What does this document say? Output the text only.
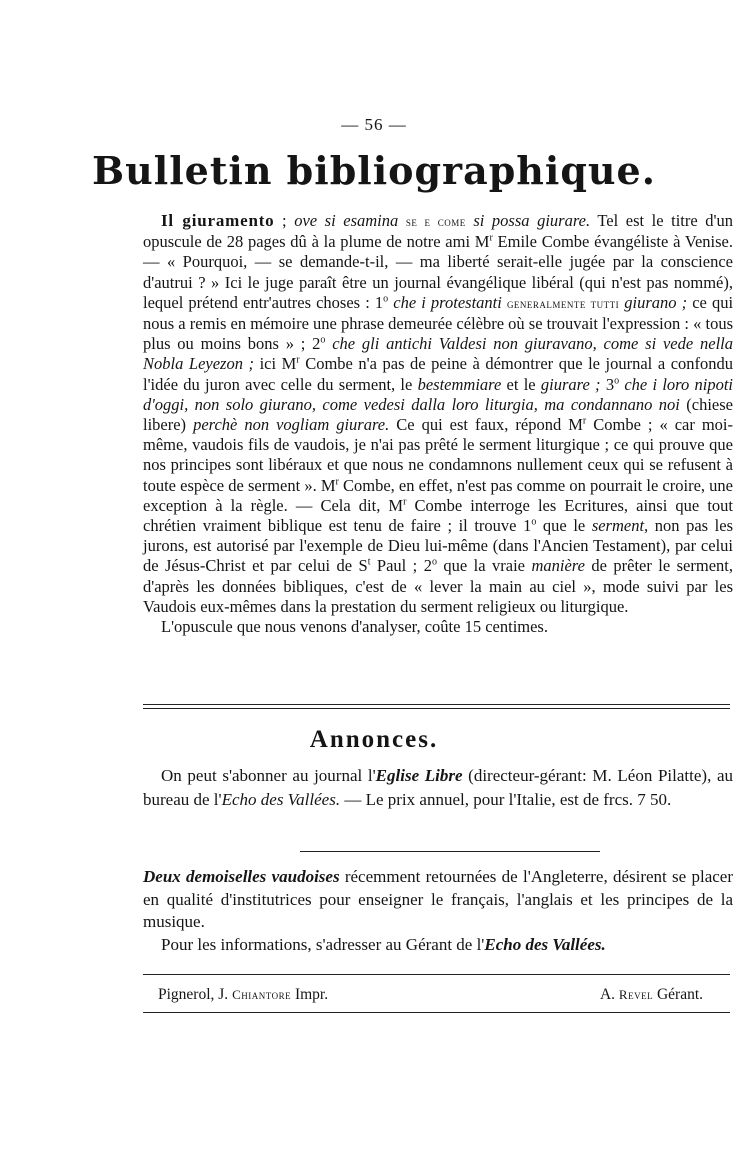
— 56 —
Bulletin bibliographique.

Il giuramento ; ove si esamina se e come si possa giurare. Tel est le titre d'un opuscule de 28 pages dû à la plume de notre ami $M^r$ Emile Combe évangéliste à Venise. — « Pourquoi, — se demande-t-il, — ma liberté serait-elle jugée par la conscience d'autrui ? » Ici le juge paraît être un journal évangélique libéral (qui n'est pas nommé), lequel prétend entr'autres choses : 1$^o$ che i protestanti generalmente tutti giurano ; ce qui nous a remis en mémoire une phrase demeurée célèbre où se trouvait l'expression : « tous plus ou moins bons » ; 2$^o$ che gli antichi Valdesi non giuravano, come si vede nella Nobla Leyezon ; ici $M^r$ Combe n'a pas de peine à démontrer que le journal a confondu l'idée du juron avec celle du serment, le bestemmiare et le giurare ; 3$^o$ che i loro nipoti d'oggi, non solo giurano, come vedesi dalla loro liturgia, ma condannano noi (chiese libere) perchè non vogliam giurare. Ce qui est faux, répond $M^r$ Combe ; « car moi-même, vaudois fils de vaudois, je n'ai pas prêté le serment liturgique ; ce qui prouve que nos principes sont libéraux et que nous ne condamnons nullement ceux qui se refusent à toute espèce de serment ». $M^r$ Combe, en effet, n'est pas comme on pourrait le croire, une exception à la règle. — Cela dit, $M^r$ Combe interroge les Ecritures, ainsi que tout chrétien vraiment biblique est tenu de faire ; il trouve 1$^o$ que le serment, non pas les jurons, est autorisé par l'exemple de Dieu lui-même (dans l'Ancien Testament), par celui de Jésus-Christ et par celui de $S^t$ Paul ; 2$^o$ que la vraie manière de prêter le serment, d'après les données bibliques, c'est de « lever la main au ciel », mode suivi par les Vaudois eux-mêmes dans la prestation du serment religieux ou liturgique.

L'opuscule que nous venons d'analyser, coûte 15 centimes.

Annonces.

On peut s'abonner au journal l'Eglise Libre (directeur-gérant: M. Léon Pilatte), au bureau de l'Echo des Vallées. — Le prix annuel, pour l'Italie, est de frcs. 7 50.

Deux demoiselles vaudoises récemment retournées de l'Angleterre, désirent se placer en qualité d'institutrices pour enseigner le français, l'anglais et les principes de la musique.

Pour les informations, s'adresser au Gérant de l'Echo des Vallées.

Pignerol, J. Chiantore Impr.	A. Revel Gérant.
